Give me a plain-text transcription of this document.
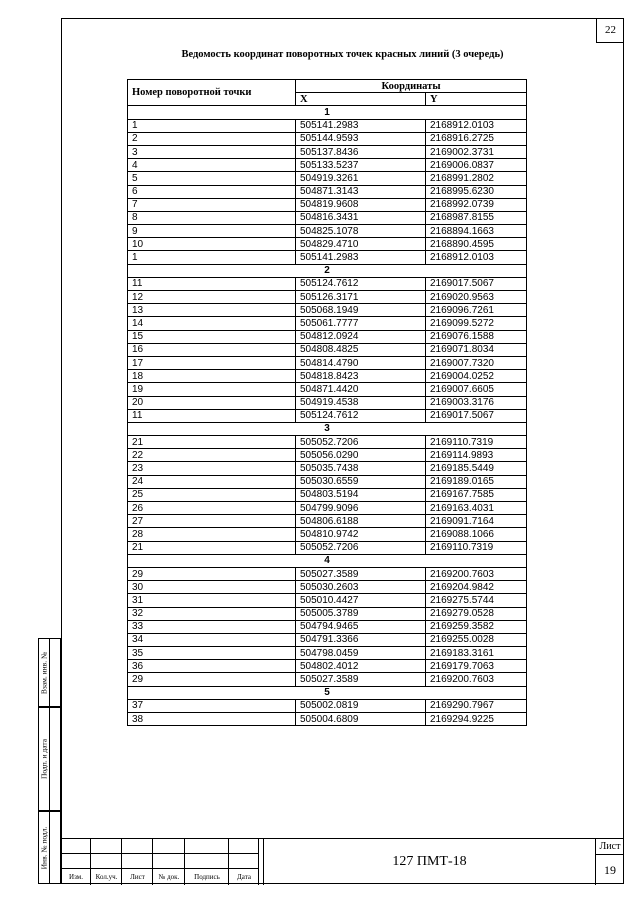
22
Ведомость координат поворотных точек красных линий (3 очередь)
Номер поворотной точки	Координаты	
	X	Y
1		
1	505141.2983	2168912.0103
2	505144.9593	2168916.2725
3	505137.8436	2169002.3731
4	505133.5237	2169006.0837
5	504919.3261	2168991.2802
6	504871.3143	2168995.6230
7	504819.9608	2168992.0739
8	504816.3431	2168987.8155
9	504825.1078	2168894.1663
10	504829.4710	2168890.4595
1	505141.2983	2168912.0103
2		
11	505124.7612	2169017.5067
12	505126.3171	2169020.9563
13	505068.1949	2169096.7261
14	505061.7777	2169099.5272
15	504812.0924	2169076.1588
16	504808.4825	2169071.8034
17	504814.4790	2169007.7320
18	504818.8423	2169004.0252
19	504871.4420	2169007.6605
20	504919.4538	2169003.3176
11	505124.7612	2169017.5067
3		
21	505052.7206	2169110.7319
22	505056.0290	2169114.9893
23	505035.7438	2169185.5449
24	505030.6559	2169189.0165
25	504803.5194	2169167.7585
26	504799.9096	2169163.4031
27	504806.6188	2169091.7164
28	504810.9742	2169088.1066
21	505052.7206	2169110.7319
4		
29	505027.3589	2169200.7603
30	505030.2603	2169204.9842
31	505010.4427	2169275.5744
32	505005.3789	2169279.0528
33	504794.9465	2169259.3582
34	504791.3366	2169255.0028
35	504798.0459	2169183.3161
36	504802.4012	2169179.7063
29	505027.3589	2169200.7603
5		
37	505002.0819	2169290.7967
38	505004.6809	2169294.9225
Взам. инв. №
Подп. и дата
Инв. № подл.
Изм.	Кол.уч.	Лист	№ док.	Подпись	Дата
127 ПМТ-18
Лист
19
